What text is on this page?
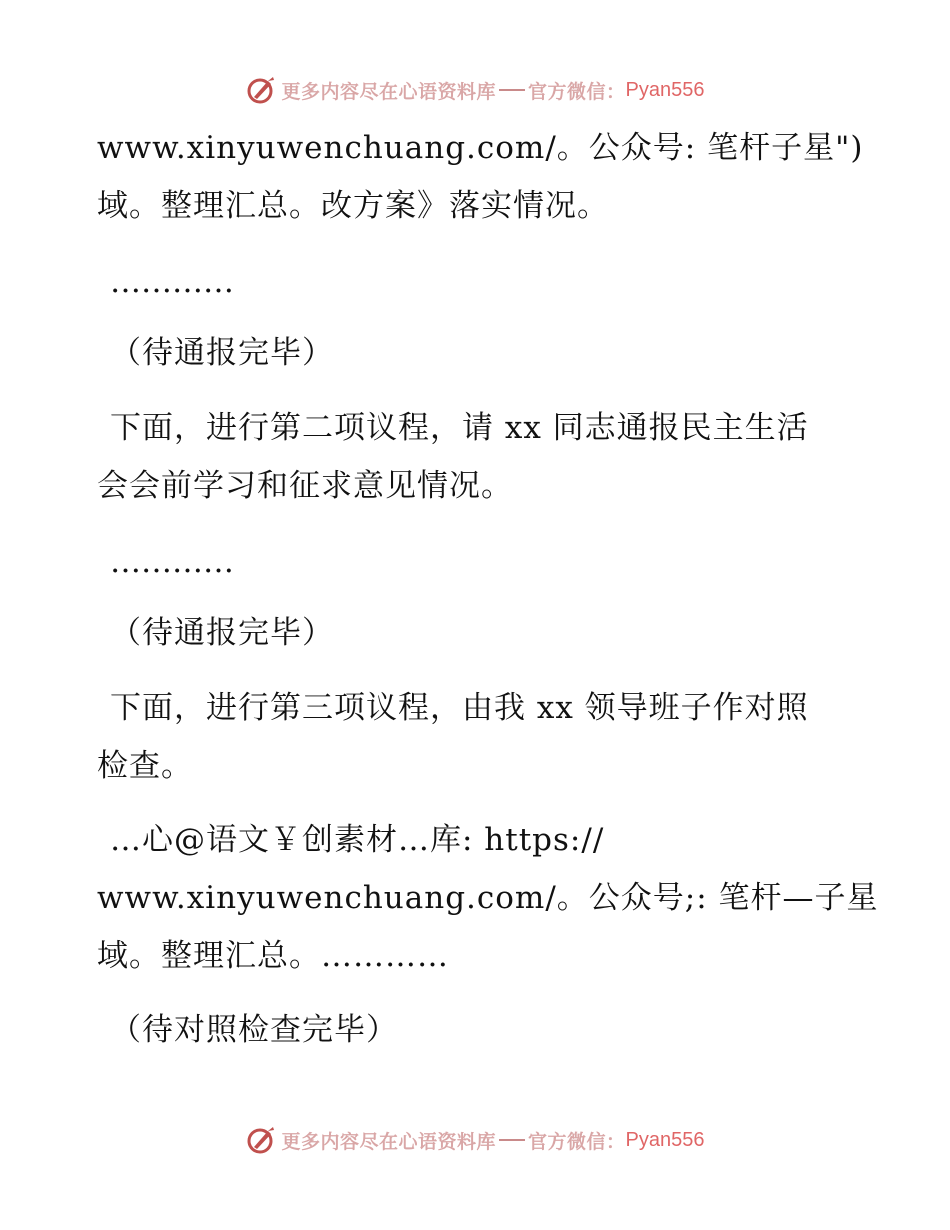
更多内容尽在心语资料库 官方微信： Pyan556
www.xinyuwenchuang.com/。公众号: 笔杆子星")
域。整理汇总。改方案》落实情况。
…………
（待通报完毕）
下面，进行第二项议程，请 xx 同志通报民主生活
会会前学习和征求意见情况。
…………
（待通报完毕）
下面，进行第三项议程，由我 xx 领导班子作对照
检查。
…心@语文￥创素材…库: https://
www.xinyuwenchuang.com/。公众号;: 笔杆—子星
域。整理汇总。…………
（待对照检查完毕）
更多内容尽在心语资料库 官方微信： Pyan556
